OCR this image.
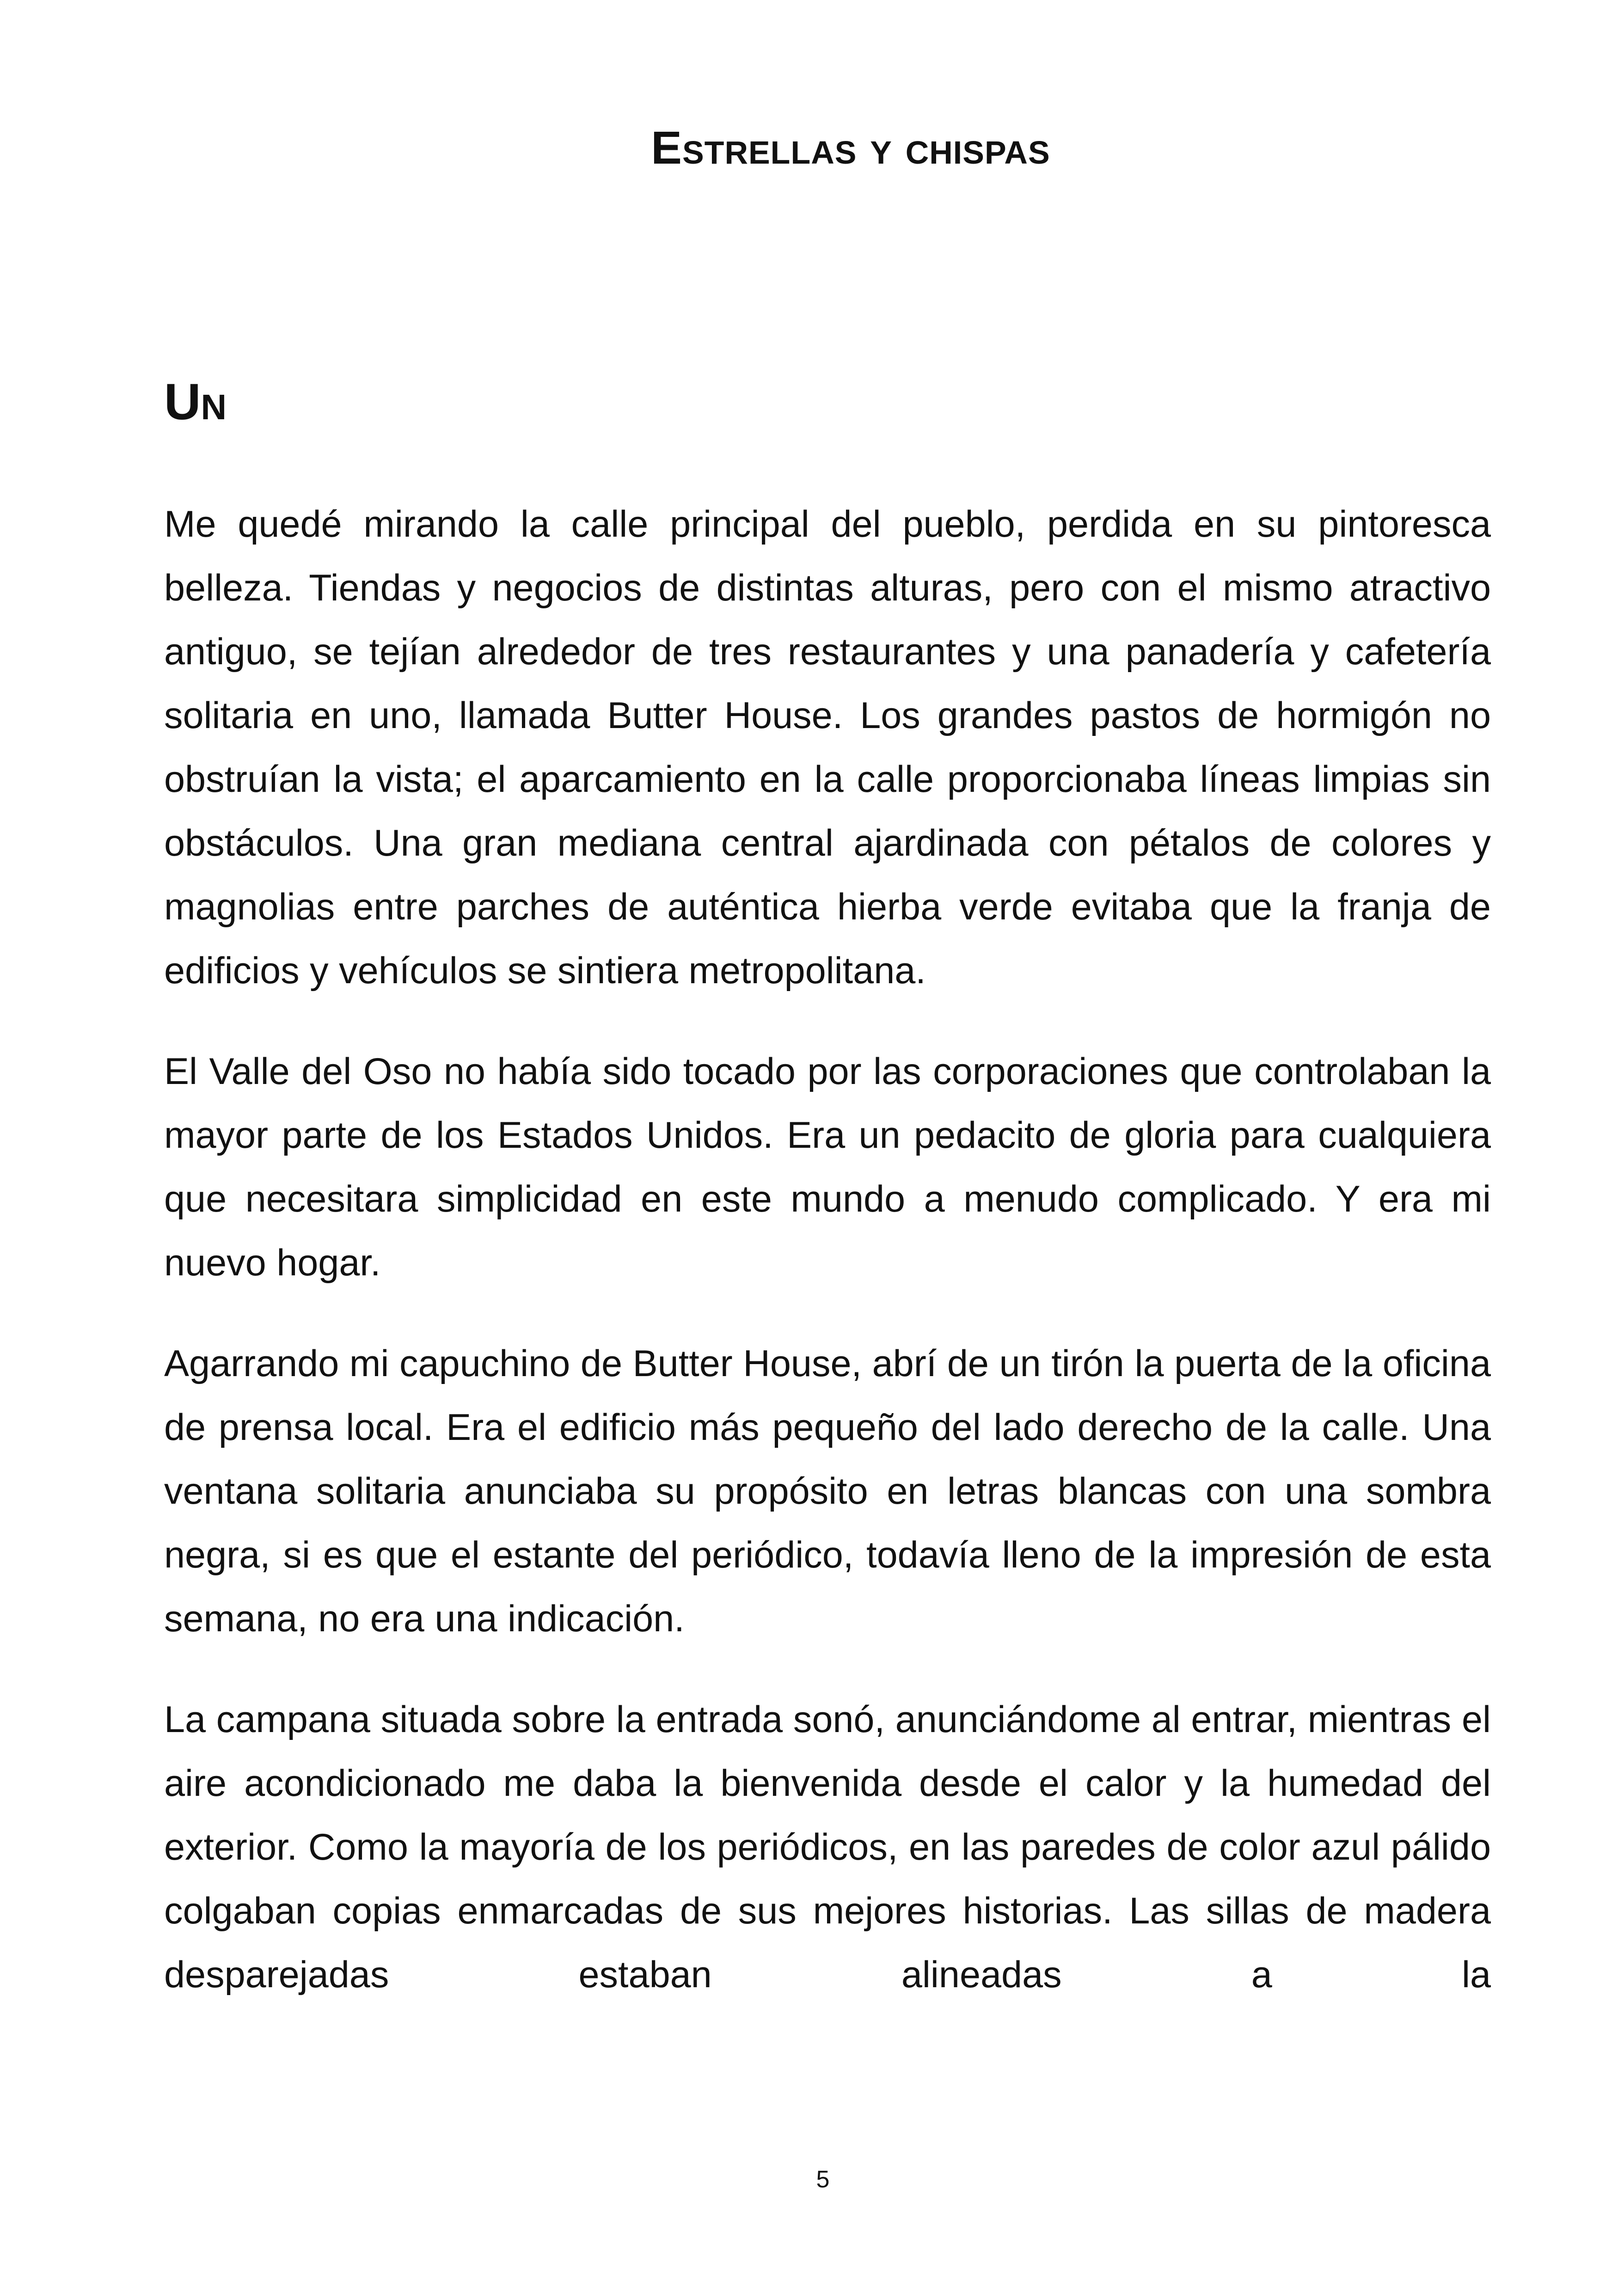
Estrellas y chispas
Un

Me quedé mirando la calle principal del pueblo, perdida en su pintoresca belleza. Tiendas y negocios de distintas alturas, pero con el mismo atractivo antiguo, se tejían alrededor de tres restaurantes y una panadería y cafetería solitaria en uno, llamada Butter House. Los grandes pastos de hormigón no obstruían la vista; el aparcamiento en la calle proporcionaba líneas limpias sin obstáculos. Una gran mediana central ajardinada con pétalos de colores y magnolias entre parches de auténtica hierba verde evitaba que la franja de edificios y vehículos se sintiera metropolitana.

El Valle del Oso no había sido tocado por las corporaciones que controlaban la mayor parte de los Estados Unidos. Era un pedacito de gloria para cualquiera que necesitara simplicidad en este mundo a menudo complicado. Y era mi nuevo hogar.

Agarrando mi capuchino de Butter House, abrí de un tirón la puerta de la oficina de prensa local. Era el edificio más pequeño del lado derecho de la calle. Una ventana solitaria anunciaba su propósito en letras blancas con una sombra negra, si es que el estante del periódico, todavía lleno de la impresión de esta semana, no era una indicación.

La campana situada sobre la entrada sonó, anunciándome al entrar, mientras el aire acondicionado me daba la bienvenida desde el calor y la humedad del exterior. Como la mayoría de los periódicos, en las paredes de color azul pálido colgaban copias enmarcadas de sus mejores historias. Las sillas de madera desparejadas estaban alineadas a la

5
